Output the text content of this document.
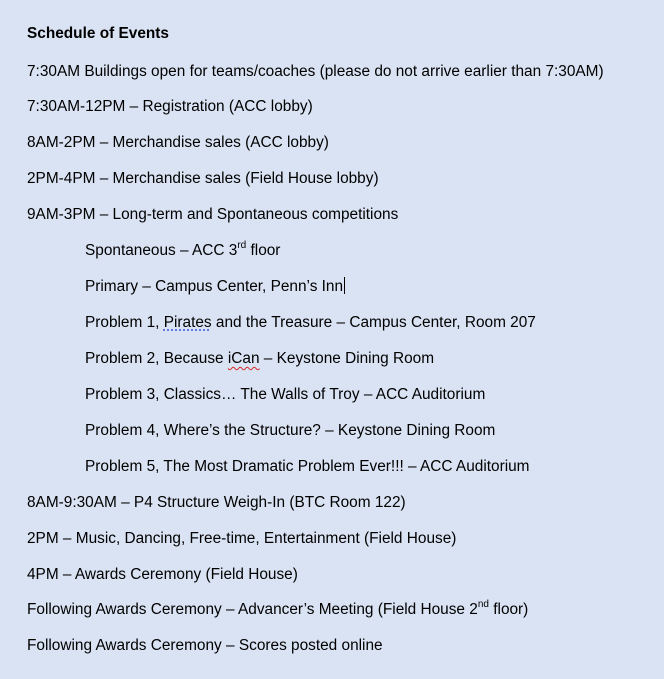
Schedule of Events
7:30AM Buildings open for teams/coaches (please do not arrive earlier than 7:30AM)
7:30AM-12PM – Registration (ACC lobby)
8AM-2PM – Merchandise sales (ACC lobby)
2PM-4PM – Merchandise sales (Field House lobby)
9AM-3PM – Long-term and Spontaneous competitions
Spontaneous – ACC 3rd floor
Primary – Campus Center, Penn’s Inn
Problem 1, Pirates and the Treasure – Campus Center, Room 207
Problem 2, Because iCan – Keystone Dining Room
Problem 3, Classics… The Walls of Troy – ACC Auditorium
Problem 4, Where’s the Structure? – Keystone Dining Room
Problem 5, The Most Dramatic Problem Ever!!! – ACC Auditorium
8AM-9:30AM – P4 Structure Weigh-In (BTC Room 122)
2PM – Music, Dancing, Free-time, Entertainment (Field House)
4PM – Awards Ceremony (Field House)
Following Awards Ceremony – Advancer’s Meeting (Field House 2nd floor)
Following Awards Ceremony – Scores posted online
